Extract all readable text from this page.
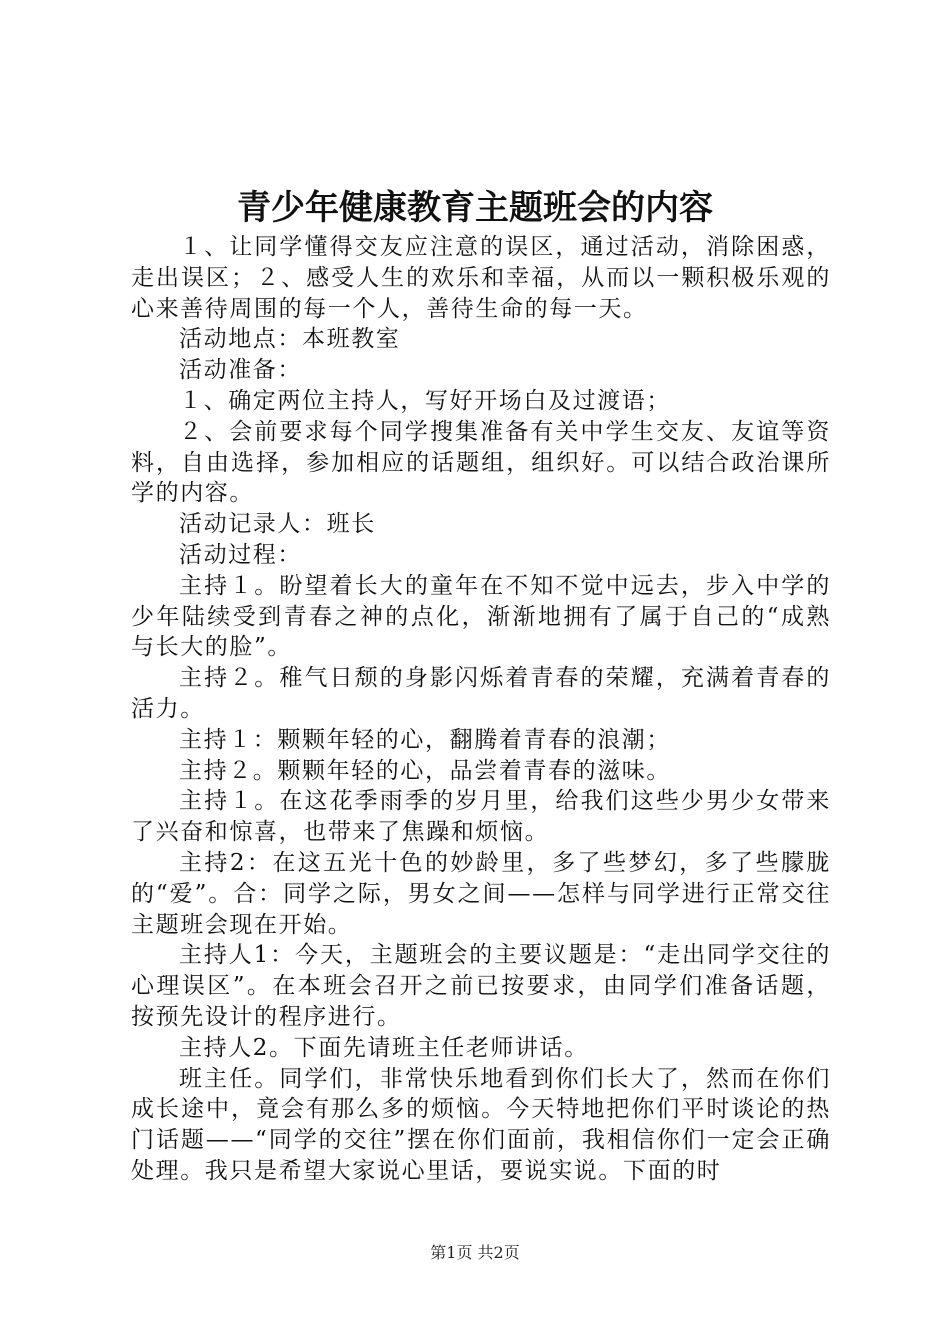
青少年健康教育主题班会的内容

１、让同学懂得交友应注意的误区，通过活动，消除困惑，走出误区；２、感受人生的欢乐和幸福，从而以一颗积极乐观的心来善待周围的每一个人，善待生命的每一天。

活动地点：本班教室

活动准备：

１、确定两位主持人，写好开场白及过渡语；

２、会前要求每个同学搜集准备有关中学生交友、友谊等资料，自由选择，参加相应的话题组，组织好。可以结合政治课所学的内容。

活动记录人：班长

活动过程：

主持１。盼望着长大的童年在不知不觉中远去，步入中学的少年陆续受到青春之神的点化，渐渐地拥有了属于自己的“成熟与长大的脸”。

主持２。稚气日颓的身影闪烁着青春的荣耀，充满着青春的活力。

主持１：颗颗年轻的心，翻腾着青春的浪潮；

主持２。颗颗年轻的心，品尝着青春的滋味。

主持１。在这花季雨季的岁月里，给我们这些少男少女带来了兴奋和惊喜，也带来了焦躁和烦恼。

主持2：在这五光十色的妙龄里，多了些梦幻，多了些朦胧的“爱”。合：同学之际，男女之间——怎样与同学进行正常交往主题班会现在开始。

主持人1：今天，主题班会的主要议题是：“走出同学交往的心理误区”。在本班会召开之前已按要求，由同学们准备话题，按预先设计的程序进行。

主持人2。下面先请班主任老师讲话。

班主任。同学们，非常快乐地看到你们长大了，然而在你们成长途中，竟会有那么多的烦恼。今天特地把你们平时谈论的热门话题——“同学的交往”摆在你们面前，我相信你们一定会正确处理。我只是希望大家说心里话，要说实说。下面的时

第1页 共2页
